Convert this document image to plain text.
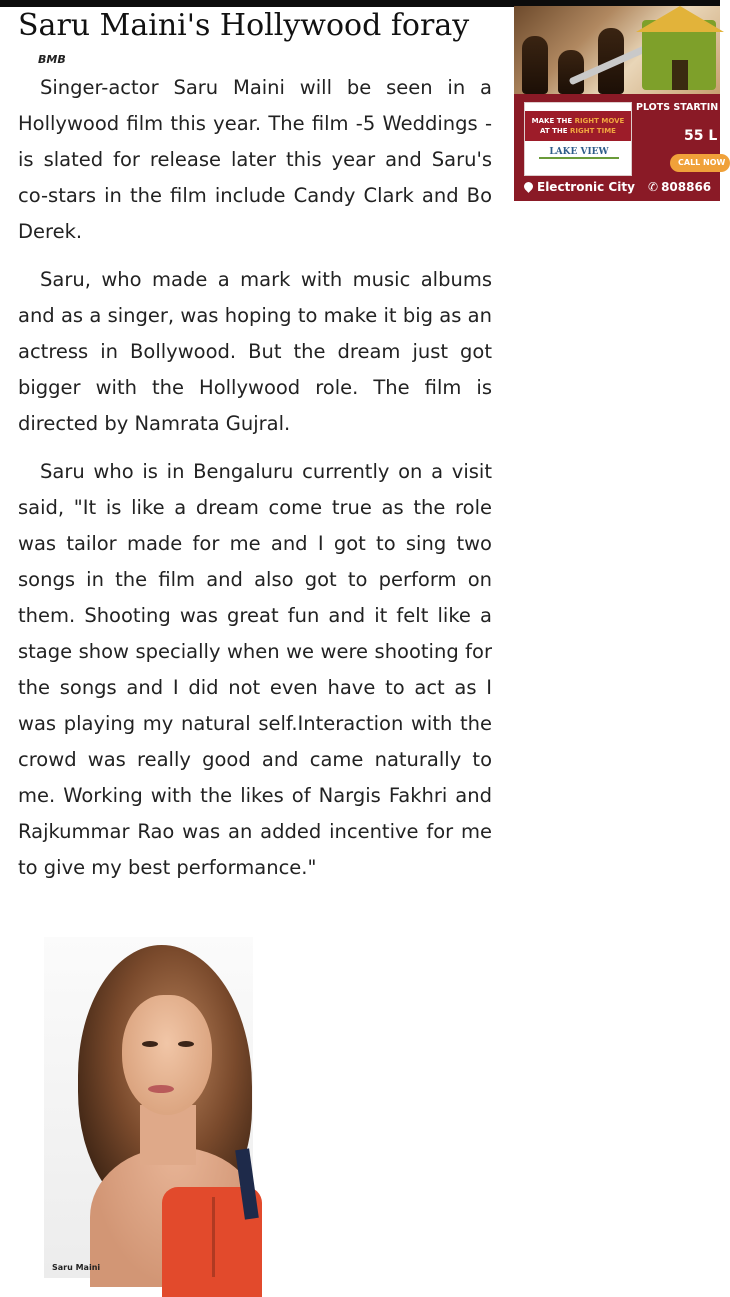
Saru Maini's Hollywood foray
BMB

Singer-actor Saru Maini will be seen in a Hollywood film this year. The film -5 Weddings -is slated for release later this year and Saru's co-stars in the film include Candy Clark and Bo Derek.

Saru, who made a mark with music albums and as a singer, was hoping to make it big as an actress in Bollywood. But the dream just got bigger with the Hollywood role. The film is directed by Namrata Gujral.

Saru who is in Bengaluru currently on a visit said, "It is like a dream come true as the role was tailor made for me and I got to sing two songs in the film and also got to perform on them. Shooting was great fun and it felt like a stage show specially when we were shooting for the songs and I did not even have to act as I was playing my natural self.Interaction with the crowd was really good and came naturally to me. Working with the likes of Nargis Fakhri and Rajkummar Rao was an added incentive for me to give my best performance."

MAKE THE RIGHT MOVE
AT THE RIGHT TIME
LAKE VIEW
PLOTS STARTIN
55 L
CALL NOW
Electronic City ✆ 808866
Saru Maini
